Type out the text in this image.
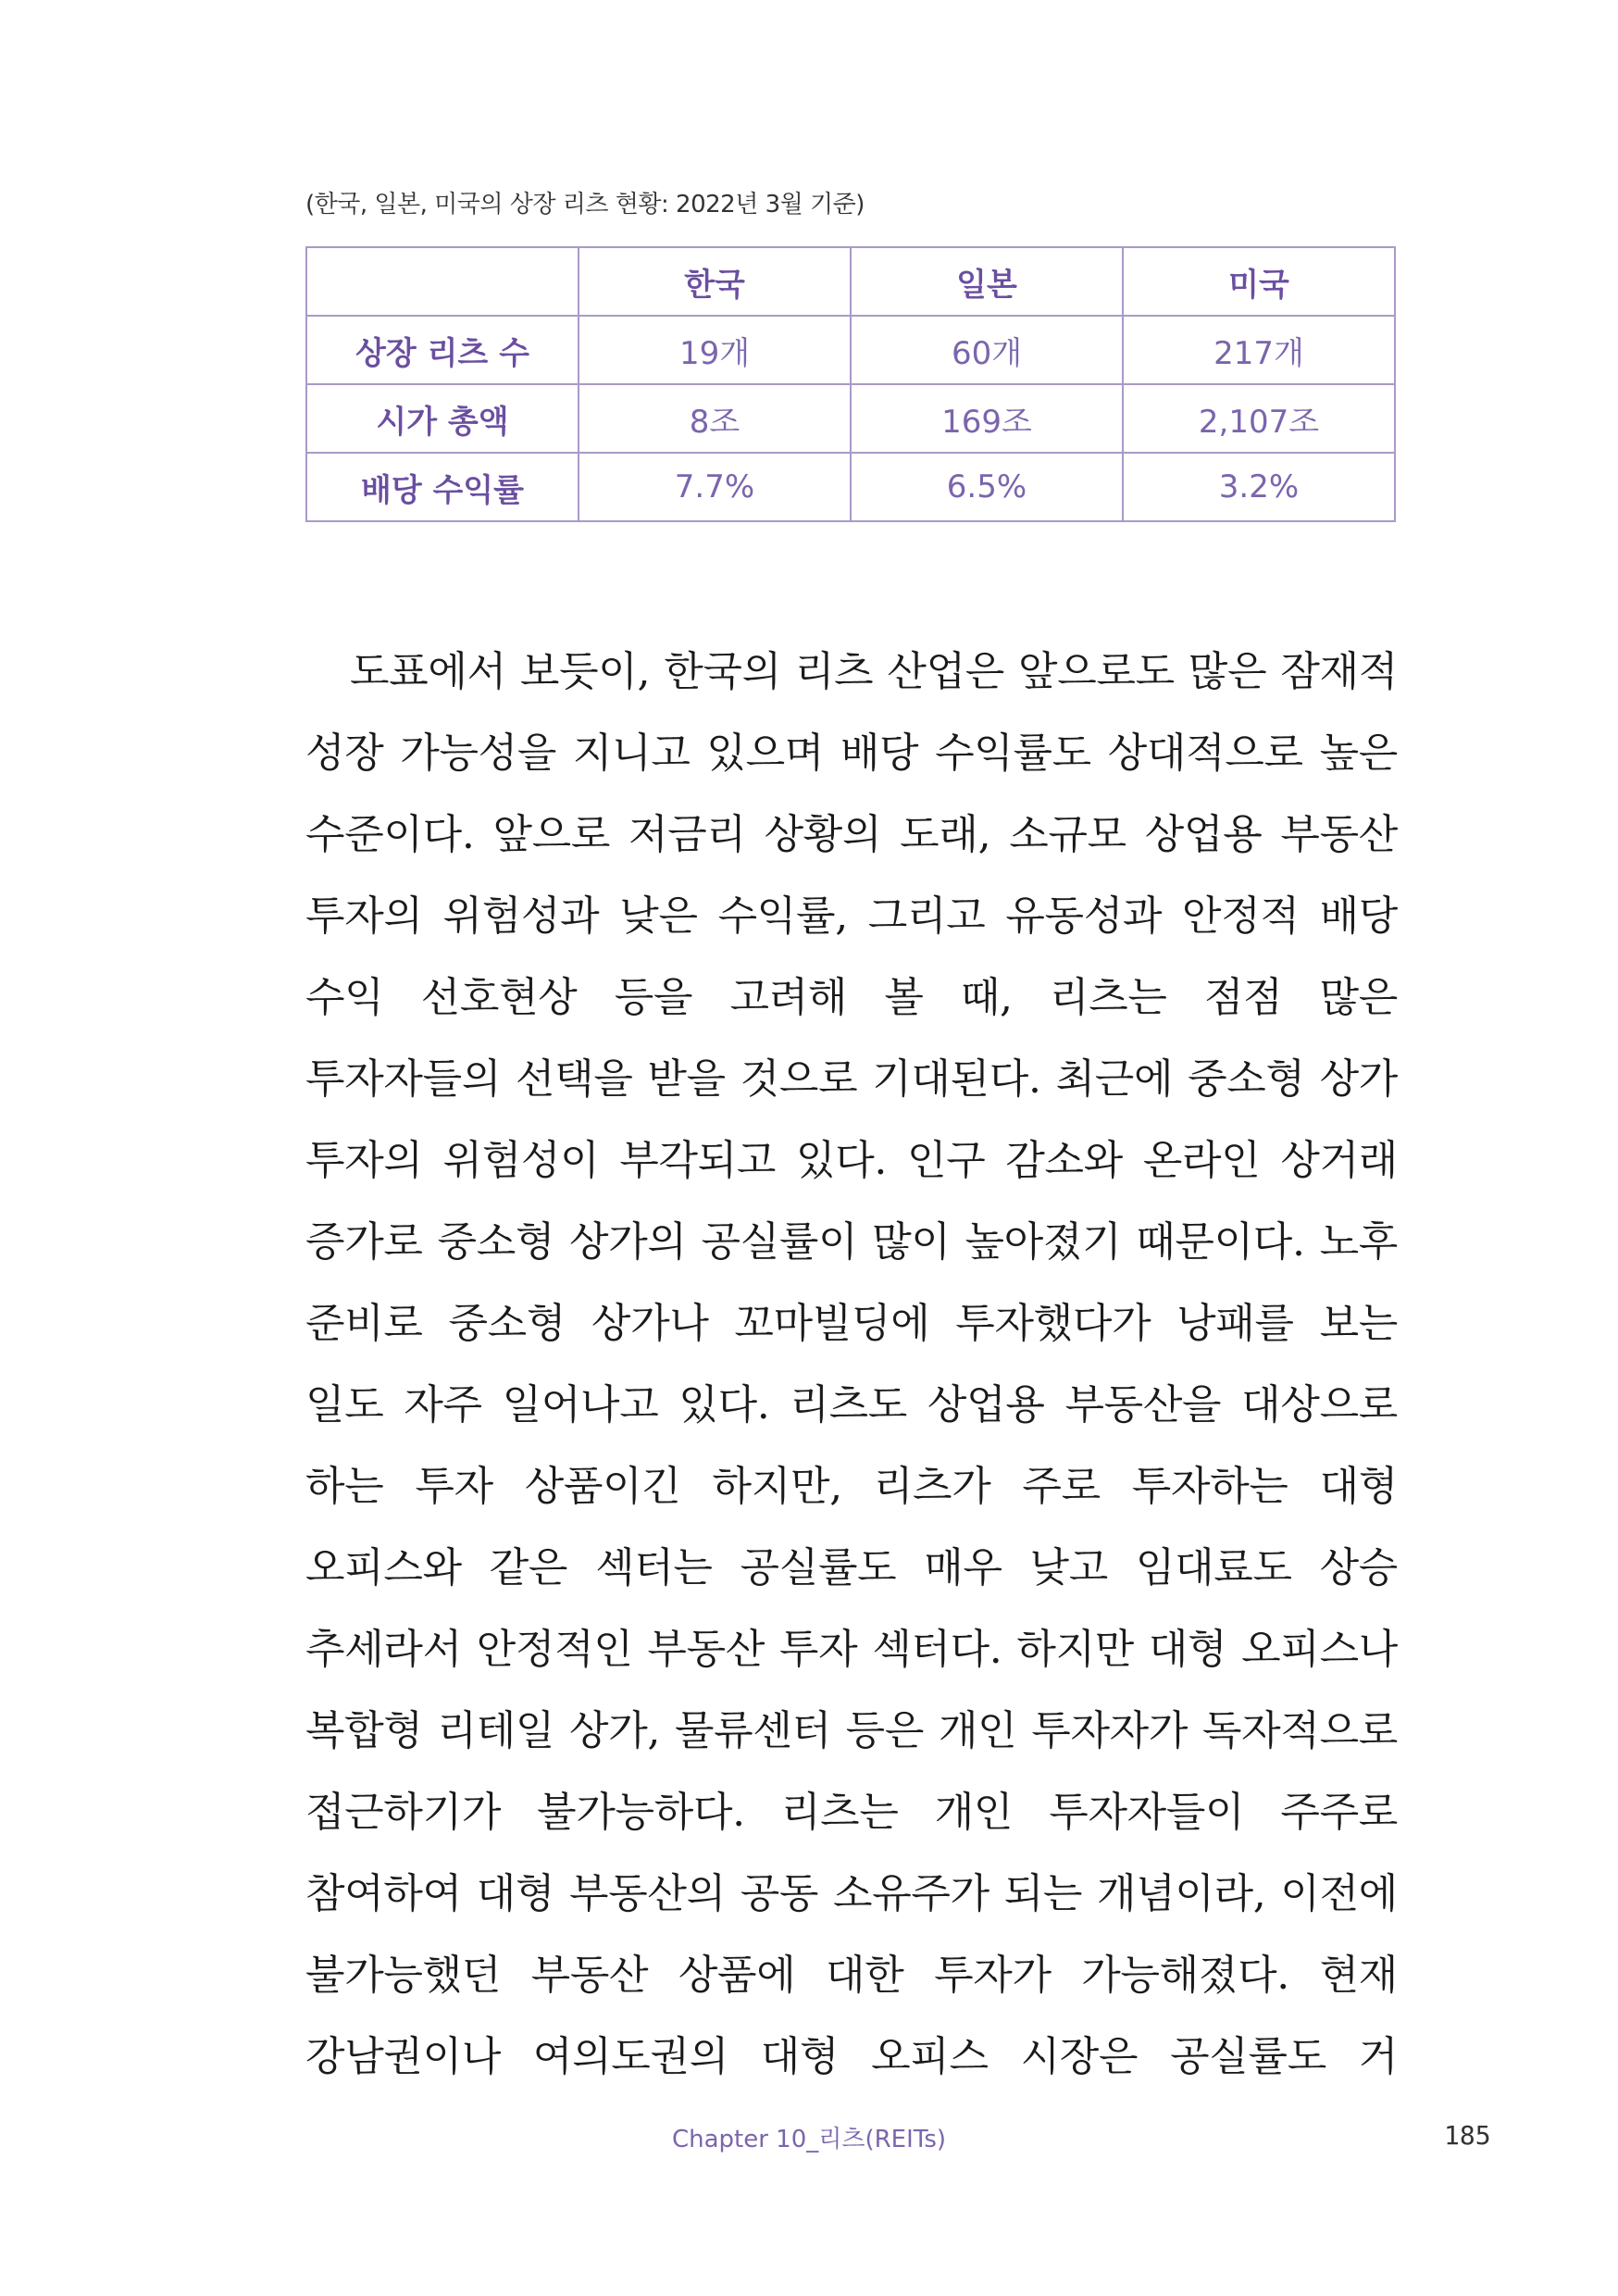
(한국, 일본, 미국의 상장 리츠 현황: 2022년 3월 기준)
	한국	일본	미국
상장 리츠 수	19개	60개	217개
시가 총액	8조	169조	2,107조
배당 수익률	7.7%	6.5%	3.2%

도표에서 보듯이, 한국의 리츠 산업은 앞으로도 많은 잠재적 성장 가능성을 지니고 있으며 배당 수익률도 상대적으로 높은 수준이다. 앞으로 저금리 상황의 도래, 소규모 상업용 부동산 투자의 위험성과 낮은 수익률, 그리고 유동성과 안정적 배당 수익 선호현상 등을 고려해 볼 때, 리츠는 점점 많은 투자자들의 선택을 받을 것으로 기대된다. 최근에 중소형 상가 투자의 위험성이 부각되고 있다. 인구 감소와 온라인 상거래 증가로 중소형 상가의 공실률이 많이 높아졌기 때문이다. 노후 준비로 중소형 상가나 꼬마빌딩에 투자했다가 낭패를 보는 일도 자주 일어나고 있다. 리츠도 상업용 부동산을 대상으로 하는 투자 상품이긴 하지만, 리츠가 주로 투자하는 대형 오피스와 같은 섹터는 공실률도 매우 낮고 임대료도 상승 추세라서 안정적인 부동산 투자 섹터다. 하지만 대형 오피스나 복합형 리테일 상가, 물류센터 등은 개인 투자자가 독자적으로 접근하기가 불가능하다. 리츠는 개인 투자자들이 주주로 참여하여 대형 부동산의 공동 소유주가 되는 개념이라, 이전에 불가능했던 부동산 상품에 대한 투자가 가능해졌다. 현재 강남권이나 여의도권의 대형 오피스 시장은 공실률도 거

Chapter 10_리츠(REITs)	185
